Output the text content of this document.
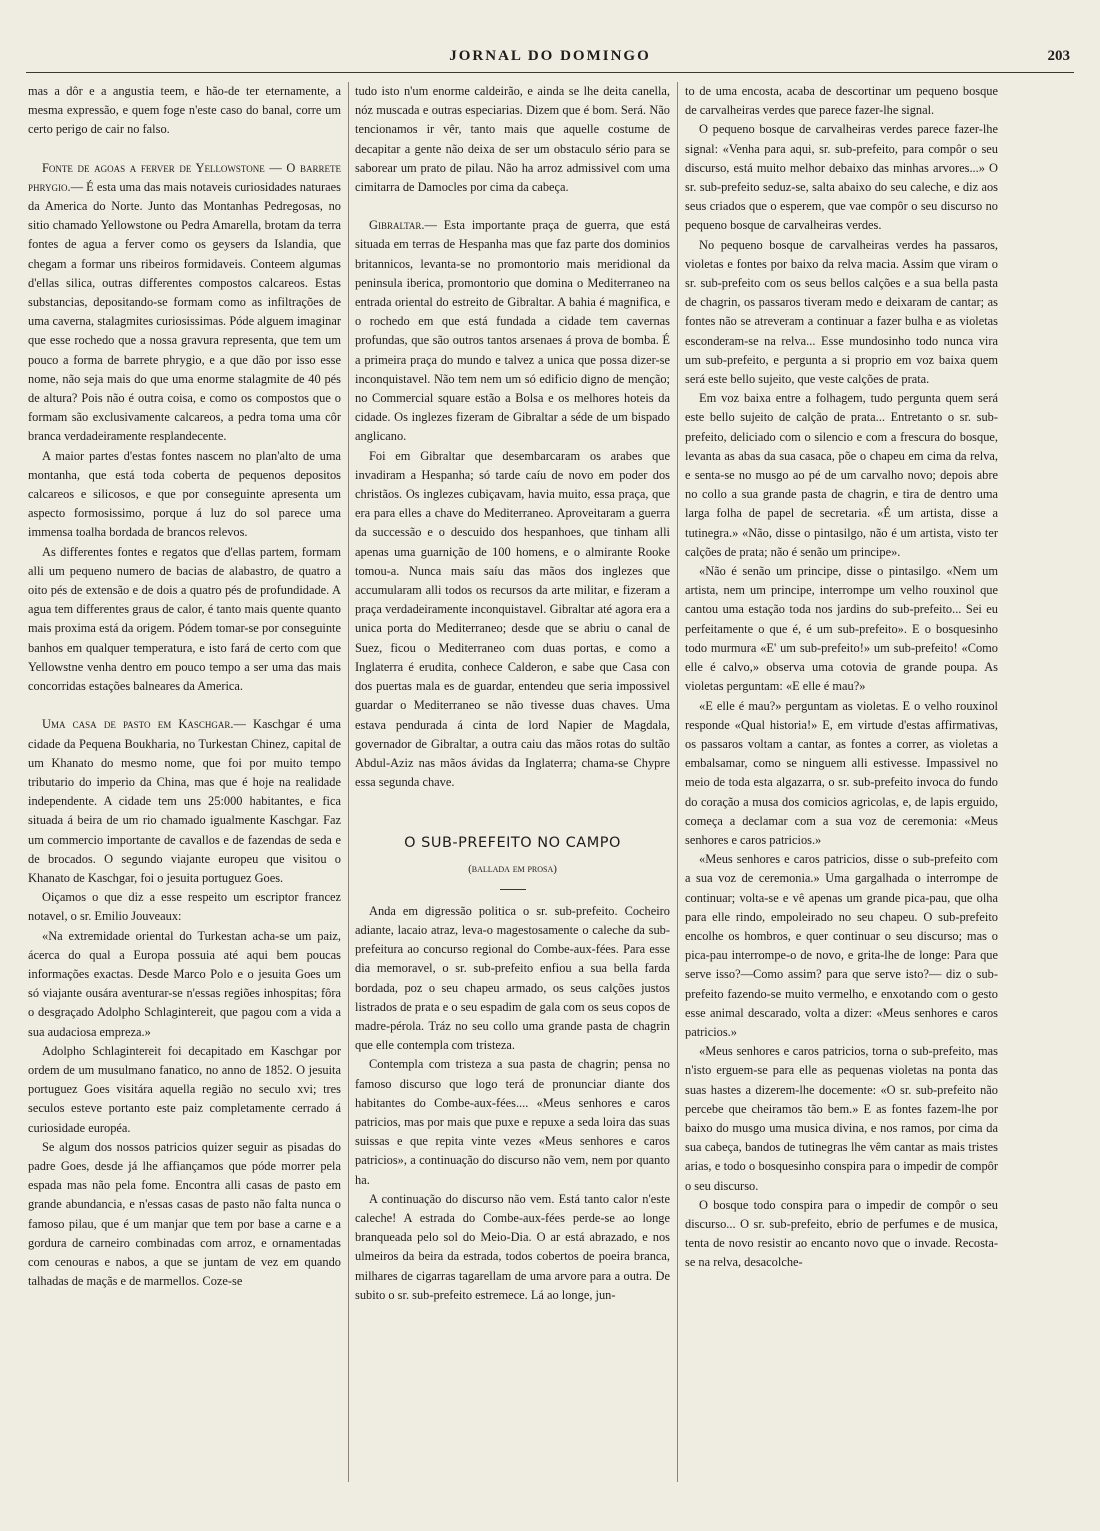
JORNAL DO DOMINGO	203

mas a dôr e a angustia teem, e hão-de ter eternamente, a mesma expressão, e quem foge n'este caso do banal, corre um certo perigo de cair no falso.

Fonte de agoas a ferver de Yellowstone — O barrete phrygio.— É esta uma das mais notaveis curiosidades naturaes da America do Norte. Junto das Montanhas Pedregosas, no sitio chamado Yellowstone ou Pedra Amarella, brotam da terra fontes de agua a ferver como os geysers da Islandia, que chegam a formar uns ribeiros formidaveis. Conteem algumas d'ellas silica, outras differentes compostos calcareos. Estas substancias, depositando-se formam como as infiltrações de uma caverna, stalagmites curiosissimas. Póde alguem imaginar que esse rochedo que a nossa gravura representa, que tem um pouco a forma de barrete phrygio, e a que dão por isso esse nome, não seja mais do que uma enorme stalagmite de 40 pés de altura? Pois não é outra coisa, e como os compostos que o formam são exclusivamente calcareos, a pedra toma uma côr branca verdadeiramente resplandecente.

A maior partes d'estas fontes nascem no plan'alto de uma montanha, que está toda coberta de pequenos depositos calcareos e silicosos, e que por conseguinte apresenta um aspecto formosissimo, porque á luz do sol parece uma immensa toalha bordada de brancos relevos.

As differentes fontes e regatos que d'ellas partem, formam alli um pequeno numero de bacias de alabastro, de quatro a oito pés de extensão e de dois a quatro pés de profundidade. A agua tem differentes graus de calor, é tanto mais quente quanto mais proxima está da origem. Pódem tomar-se por conseguinte banhos em qualquer temperatura, e isto fará de certo com que Yellowstne venha dentro em pouco tempo a ser uma das mais concorridas estações balneares da America.

Uma casa de pasto em Kaschgar.— Kaschgar é uma cidade da Pequena Boukharia, no Turkestan Chinez, capital de um Khanato do mesmo nome, que foi por muito tempo tributario do imperio da China, mas que é hoje na realidade independente. A cidade tem uns 25:000 habitantes, e fica situada á beira de um rio chamado igualmente Kaschgar. Faz um commercio importante de cavallos e de fazendas de seda e de brocados. O segundo viajante europeu que visitou o Khanato de Kaschgar, foi o jesuita portuguez Goes.

Oiçamos o que diz a esse respeito um escriptor francez notavel, o sr. Emilio Jouveaux:

«Na extremidade oriental do Turkestan acha-se um paiz, ácerca do qual a Europa possuia até aqui bem poucas informações exactas. Desde Marco Polo e o jesuita Goes um só viajante ousára aventurar-se n'essas regiões inhospitas; fôra o desgraçado Adolpho Schlagintereit, que pagou com a vida a sua audaciosa empreza.»

Adolpho Schlagintereit foi decapitado em Kaschgar por ordem de um musulmano fanatico, no anno de 1852. O jesuita portuguez Goes visitára aquella região no seculo xvi; tres seculos esteve portanto este paiz completamente cerrado á curiosidade européa.

Se algum dos nossos patricios quizer seguir as pisadas do padre Goes, desde já lhe affiançamos que póde morrer pela espada mas não pela fome. Encontra alli casas de pasto em grande abundancia, e n'essas casas de pasto não falta nunca o famoso pilau, que é um manjar que tem por base a carne e a gordura de carneiro combinadas com arroz, e ornamentadas com cenouras e nabos, a que se juntam de vez em quando talhadas de maçãs e de marmellos. Coze-se

tudo isto n'um enorme caldeirão, e ainda se lhe deita canella, nóz muscada e outras especiarias. Dizem que é bom. Será. Não tencionamos ir vêr, tanto mais que aquelle costume de decapitar a gente não deixa de ser um obstaculo sério para se saborear um prato de pilau. Não ha arroz admissivel com uma cimitarra de Damocles por cima da cabeça.

Gibraltar.— Esta importante praça de guerra, que está situada em terras de Hespanha mas que faz parte dos dominios britannicos, levanta-se no promontorio mais meridional da peninsula iberica, promontorio que domina o Mediterraneo na entrada oriental do estreito de Gibraltar. A bahia é magnifica, e o rochedo em que está fundada a cidade tem cavernas profundas, que são outros tantos arsenaes á prova de bomba. É a primeira praça do mundo e talvez a unica que possa dizer-se inconquistavel. Não tem nem um só edificio digno de menção; no Commercial square estão a Bolsa e os melhores hoteis da cidade. Os inglezes fizeram de Gibraltar a séde de um bispado anglicano.

Foi em Gibraltar que desembarcaram os arabes que invadiram a Hespanha; só tarde caíu de novo em poder dos christãos. Os inglezes cubiçavam, havia muito, essa praça, que era para elles a chave do Mediterraneo. Aproveitaram a guerra da successão e o descuido dos hespanhoes, que tinham alli apenas uma guarnição de 100 homens, e o almirante Rooke tomou-a. Nunca mais saíu das mãos dos inglezes que accumularam alli todos os recursos da arte militar, e fizeram a praça verdadeiramente inconquistavel. Gibraltar até agora era a unica porta do Mediterraneo; desde que se abriu o canal de Suez, ficou o Mediterraneo com duas portas, e como a Inglaterra é erudita, conhece Calderon, e sabe que Casa con dos puertas mala es de guardar, entendeu que seria impossivel guardar o Mediterraneo se não tivesse duas chaves. Uma estava pendurada á cinta de lord Napier de Magdala, governador de Gibraltar, a outra caiu das mãos rotas do sultão Abdul-Aziz nas mãos ávidas da Inglaterra; chama-se Chypre essa segunda chave.

O SUB-PREFEITO NO CAMPO

(ballada em prosa)

Anda em digressão politica o sr. sub-prefeito. Cocheiro adiante, lacaio atraz, leva-o magestosamente o caleche da sub-prefeitura ao concurso regional do Combe-aux-fées. Para esse dia memoravel, o sr. sub-prefeito enfiou a sua bella farda bordada, poz o seu chapeu armado, os seus calções justos listrados de prata e o seu espadim de gala com os seus copos de madre-pérola. Tráz no seu collo uma grande pasta de chagrin que elle contempla com tristeza.

Contempla com tristeza a sua pasta de chagrin; pensa no famoso discurso que logo terá de pronunciar diante dos habitantes do Combe-aux-fées.... «Meus senhores e caros patricios, mas por mais que puxe e repuxe a seda loira das suas suissas e que repita vinte vezes «Meus senhores e caros patricios», a continuação do discurso não vem, nem por quanto ha.

A continuação do discurso não vem. Está tanto calor n'este caleche! A estrada do Combe-aux-fées perde-se ao longe branqueada pelo sol do Meio-Dia. O ar está abrazado, e nos ulmeiros da beira da estrada, todos cobertos de poeira branca, milhares de cigarras tagarellam de uma arvore para a outra. De subito o sr. sub-prefeito estremece. Lá ao longe, jun-

to de uma encosta, acaba de descortinar um pequeno bosque de carvalheiras verdes que parece fazer-lhe signal.

O pequeno bosque de carvalheiras verdes parece fazer-lhe signal: «Venha para aqui, sr. sub-prefeito, para compôr o seu discurso, está muito melhor debaixo das minhas arvores...» O sr. sub-prefeito seduz-se, salta abaixo do seu caleche, e diz aos seus criados que o esperem, que vae compôr o seu discurso no pequeno bosque de carvalheiras verdes.

No pequeno bosque de carvalheiras verdes ha passaros, violetas e fontes por baixo da relva macia. Assim que viram o sr. sub-prefeito com os seus bellos calções e a sua bella pasta de chagrin, os passaros tiveram medo e deixaram de cantar; as fontes não se atreveram a continuar a fazer bulha e as violetas esconderam-se na relva... Esse mundosinho todo nunca vira um sub-prefeito, e pergunta a si proprio em voz baixa quem será este bello sujeito, que veste calções de prata.

Em voz baixa entre a folhagem, tudo pergunta quem será este bello sujeito de calção de prata... Entretanto o sr. sub-prefeito, deliciado com o silencio e com a frescura do bosque, levanta as abas da sua casaca, põe o chapeu em cima da relva, e senta-se no musgo ao pé de um carvalho novo; depois abre no collo a sua grande pasta de chagrin, e tira de dentro uma larga folha de papel de secretaria. «É um artista, disse a tutinegra.» «Não, disse o pintasilgo, não é um artista, visto ter calções de prata; não é senão um principe».

«Não é senão um principe, disse o pintasilgo. «Nem um artista, nem um principe, interrompe um velho rouxinol que cantou uma estação toda nos jardins do sub-prefeito... Sei eu perfeitamente o que é, é um sub-prefeito». E o bosquesinho todo murmura «E' um sub-prefeito!» um sub-prefeito! «Como elle é calvo,» observa uma cotovia de grande poupa. As violetas perguntam: «E elle é mau?»

«E elle é mau?» perguntam as violetas. E o velho rouxinol responde «Qual historia!» E, em virtude d'estas affirmativas, os passaros voltam a cantar, as fontes a correr, as violetas a embalsamar, como se ninguem alli estivesse. Impassivel no meio de toda esta algazarra, o sr. sub-prefeito invoca do fundo do coração a musa dos comicios agricolas, e, de lapis erguido, começa a declamar com a sua voz de ceremonia: «Meus senhores e caros patricios.»

«Meus senhores e caros patricios, disse o sub-prefeito com a sua voz de ceremonia.» Uma gargalhada o interrompe de continuar; volta-se e vê apenas um grande pica-pau, que olha para elle rindo, empoleirado no seu chapeu. O sub-prefeito encolhe os hombros, e quer continuar o seu discurso; mas o pica-pau interrompe-o de novo, e grita-lhe de longe: Para que serve isso?—Como assim? para que serve isto?— diz o sub-prefeito fazendo-se muito vermelho, e enxotando com o gesto esse animal descarado, volta a dizer: «Meus senhores e caros patricios.»

«Meus senhores e caros patricios, torna o sub-prefeito, mas n'isto erguem-se para elle as pequenas violetas na ponta das suas hastes a dizerem-lhe docemente: «O sr. sub-prefeito não percebe que cheiramos tão bem.» E as fontes fazem-lhe por baixo do musgo uma musica divina, e nos ramos, por cima da sua cabeça, bandos de tutinegras lhe vêm cantar as mais tristes arias, e todo o bosquesinho conspira para o impedir de compôr o seu discurso.

O bosque todo conspira para o impedir de compôr o seu discurso... O sr. sub-prefeito, ebrio de perfumes e de musica, tenta de novo resistir ao encanto novo que o invade. Recosta-se na relva, desacolche-
